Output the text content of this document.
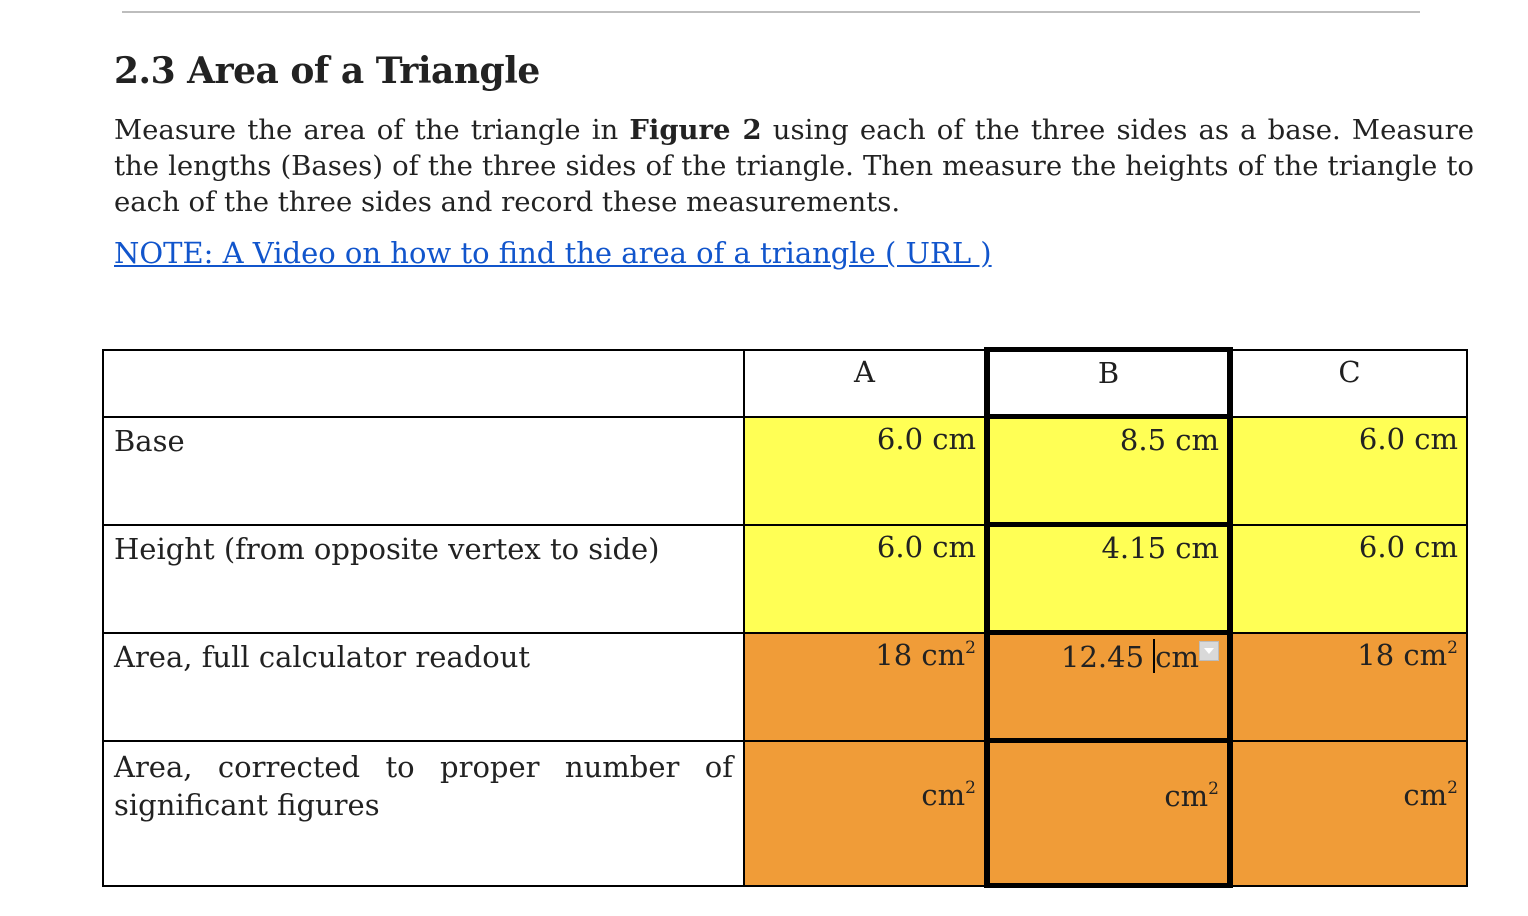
2.3 Area of a Triangle

Measure the area of the triangle in Figure 2 using each of the three sides as a base. Measure the lengths (Bases) of the three sides of the triangle. Then measure the heights of the triangle to each of the three sides and record these measurements.

NOTE: A Video on how to find the area of a triangle ( URL )
	A	B	C
Base	6.0 cm	8.5 cm	6.0 cm
Height (from opposite vertex to side)	6.0 cm	4.15 cm	6.0 cm
Area, full calculator readout	18 $cm^2$	12.45 cm	18 $cm^2$
Area, corrected to proper number of significant figures	$cm^2$	$cm^2$	$cm^2$
